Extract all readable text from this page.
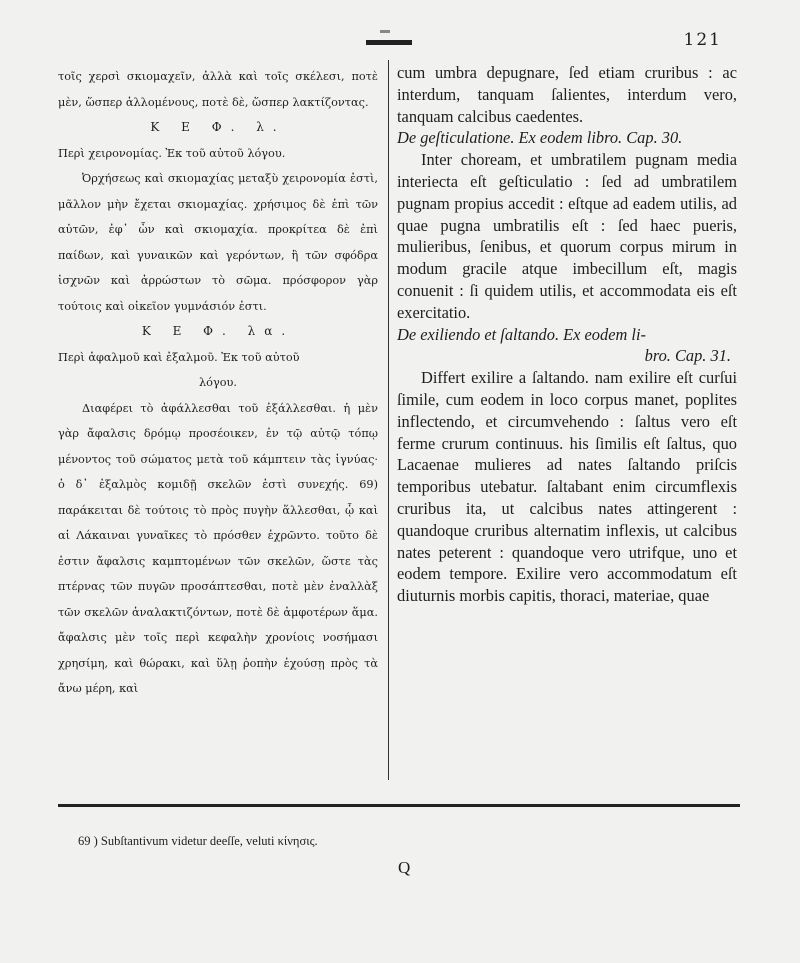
121

τοῖς χερσὶ σκιομαχεῖν, ἀλλὰ καὶ τοῖς σκέλεσι, ποτὲ μὲν, ὥσπερ ἁλλομένους, ποτὲ δὲ, ὥσπερ λακτίζοντας.

Κ Ε Φ. λ.

Περὶ χειρονομίας. Ἐκ τοῦ αὐτοῦ λόγου.

Ὀρχήσεως καὶ σκιομαχίας μεταξὺ χειρονομία ἐστὶ, μᾶλλον μὴν ἔχεται σκιομαχίας. χρήσιμος δὲ ἐπὶ τῶν αὐτῶν, ἐφ᾽ ὧν καὶ σκιομαχία. προκρίτεα δὲ ἐπὶ παίδων, καὶ γυναικῶν καὶ γερόντων, ἢ τῶν σφόδρα ἰσχνῶν καὶ ἀρρώστων τὸ σῶμα. πρόσφορον γὰρ τούτοις καὶ οἰκεῖον γυμνάσιόν ἐστι.

Κ Ε Φ. λα.

Περὶ ἀφαλμοῦ καὶ ἐξαλμοῦ. Ἐκ τοῦ αὐτοῦ

λόγου.

Διαφέρει τὸ ἀφάλλεσθαι τοῦ ἐξάλλεσθαι. ἡ μὲν γὰρ ἄφαλσις δρόμῳ προσέοικεν, ἐν τῷ αὐτῷ τόπῳ μένοντος τοῦ σώματος μετὰ τοῦ κάμπτειν τὰς ἰγνύας· ὁ δ᾽ ἐξαλμὸς κομιδῇ σκελῶν ἐστὶ συνεχής. 69) παράκειται δὲ τούτοις τὸ πρὸς πυγὴν ἅλλεσθαι, ᾧ καὶ αἱ Λάκαιναι γυναῖκες τὸ πρόσθεν ἐχρῶντο. τοῦτο δὲ ἐστιν ἄφαλσις καμπτομένων τῶν σκελῶν, ὥστε τὰς πτέρνας τῶν πυγῶν προσάπτεσθαι, ποτὲ μὲν ἐναλλὰξ τῶν σκελῶν ἀναλακτιζόντων, ποτὲ δὲ ἀμφοτέρων ἅμα. ἄφαλσις μὲν τοῖς περὶ κεφαλὴν χρονίοις νοσήμασι χρησίμη, καὶ θώρακι, καὶ ὕλῃ ῥοπὴν ἐχούσῃ πρὸς τὰ ἄνω μέρη, καὶ

cum umbra depugnare, ſed etiam cruribus : ac interdum, tanquam ſalientes, interdum vero, tanquam calcibus caedentes.

De geſticulatione. Ex eodem libro. Cap. 30.

Inter choream, et umbratilem pugnam media interiecta eſt geſticulatio : ſed ad umbratilem pugnam propius accedit : eſtque ad eadem utilis, ad quae pugna umbratilis eſt : ſed haec pueris, mulieribus, ſenibus, et quorum corpus mirum in modum gracile atque imbecillum eſt, magis conuenit : ſi quidem utilis, et accommodata eis eſt exercitatio.

De exiliendo et ſaltando. Ex eodem li-
bro. Cap. 31.

Differt exilire a ſaltando. nam exilire eſt curſui ſimile, cum eodem in loco corpus manet, poplites inflectendo, et circumvehendo : ſaltus vero eſt ferme crurum continuus. his ſimilis eſt ſaltus, quo Lacaenae mulieres ad nates ſaltando priſcis temporibus utebatur. ſaltabant enim circumflexis cruribus ita, ut calcibus nates attingerent : quandoque cruribus alternatim inflexis, ut calcibus nates peterent : quandoque vero utrifque, uno et eodem tempore. Exilire vero accommodatum eſt diuturnis morbis capitis, thoraci, materiae, quae

69 ) Subſtantivum videtur deeſſe, veluti κίνησις.
Q
